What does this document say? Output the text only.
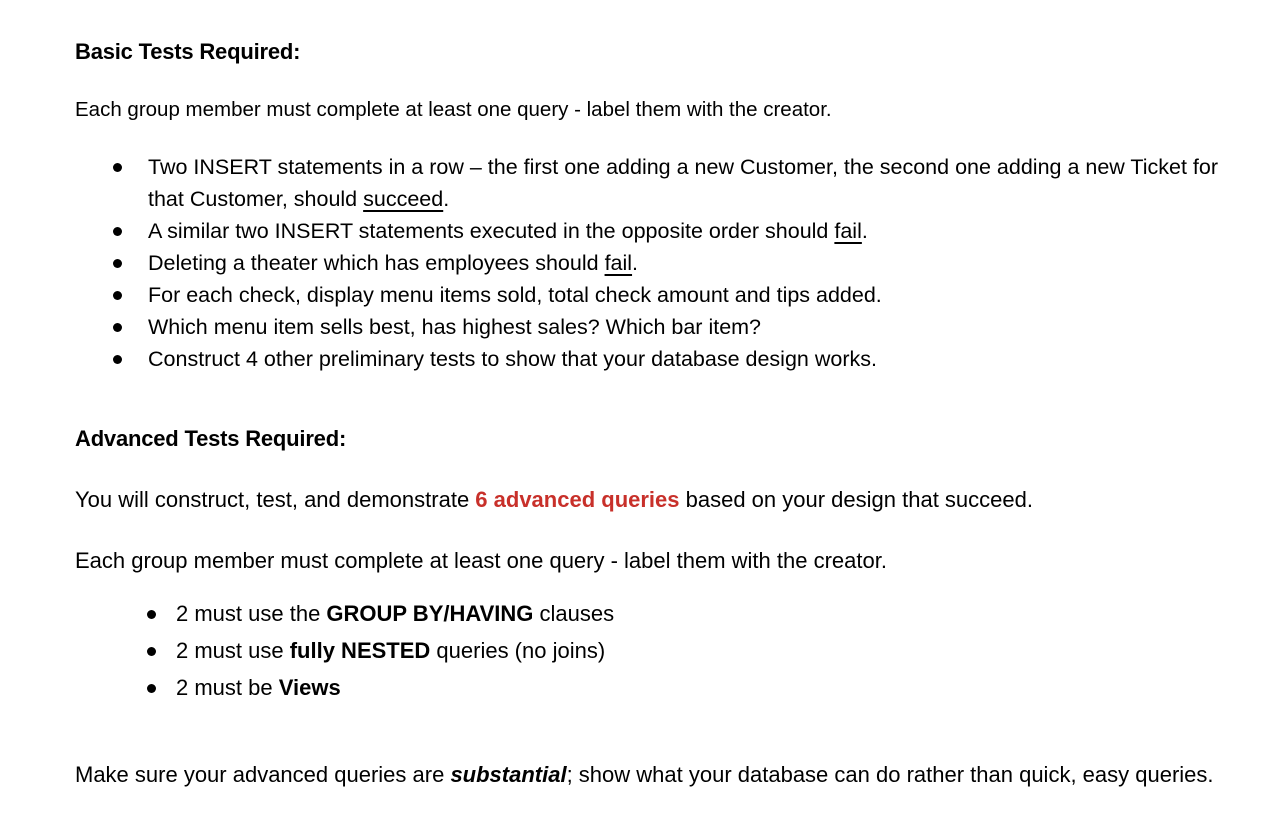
Basic Tests Required:

Each group member must complete at least one query - label them with the creator.

Two INSERT statements in a row – the first one adding a new Customer, the second one adding a new Ticket for that Customer, should succeed.
A similar two INSERT statements executed in the opposite order should fail.
Deleting a theater which has employees should fail.
For each check, display menu items sold, total check amount and tips added.
Which menu item sells best, has highest sales? Which bar item?
Construct 4 other preliminary tests to show that your database design works.
Advanced Tests Required:

You will construct, test, and demonstrate 6 advanced queries based on your design that succeed.

Each group member must complete at least one query - label them with the creator.

2 must use the GROUP BY/HAVING clauses
2 must use fully NESTED queries (no joins)
2 must be Views

Make sure your advanced queries are substantial; show what your database can do rather than quick, easy queries.
